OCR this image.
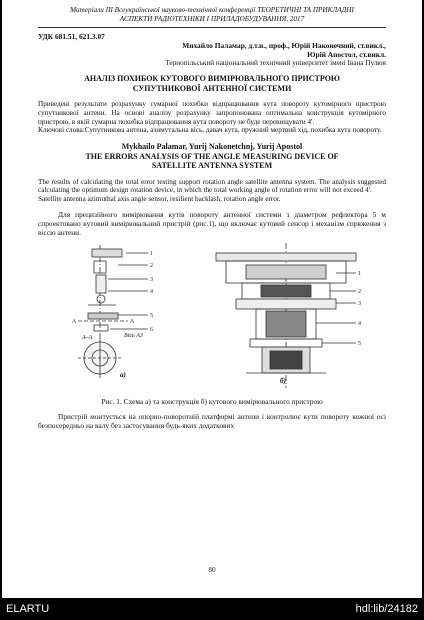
Матеріали ІІІ Всеукраїнської науково-технічної конференції ТЕОРЕТИЧНІ ТА ПРИКЛАДНІ
АСПЕКТИ РАДІОТЕХНІКИ І ПРИЛАДОБУДУВАННЯ, 2017
УДК 681.51, 621.3.07
Михайло Паламар, д.т.н., проф., Юрій Наконечний, ст.викл.,
Юрій Апостол, ст.викл.
Тернопільський національний технічний університет імені Івана Пулюя
АНАЛІЗ ПОХИБОК КУТОВОГО ВИМІРЮВАЛЬНОГО ПРИСТРОЮ
СУПУТНИКОВОЇ АНТЕННОЇ СИСТЕМИ
Приведені результати розрахунку сумарної похибки відпрацювання кута повороту кутомірного пристрою супутникової антени. На основі аналізу розрахунку запропонована оптимальна конструкція кутомірного пристрою, в якій сумарна похибка відпрацювання кута повороту не буде перевищувати 4'.
Ключові слова:Супутникова антена, азимутальна вісь, давач кута, пружний мертвий хід, похибка кута повороту.
Mykhailo Palamar, Yurij Nakonetchnj, Yurij Apostol
THE ERRORS ANALYSIS OF THE ANGLE MEASURING DEVICE OF
SATELLITE ANTENNA SYSTEM
The results of calculating the total error testing support rotation angle satellite antenna system. The analysis suggested calculating the optimum design rotation device, in which the total working angle of rotation error will not exceed 4'.
Satellite antenna azimuthal axis angle sensor, resilient backlash, rotation angle error.
Для прецизійного вимірювання кутів повороту антенної системи з діаметром рефлектора 5 м спроектовано кутовий вимірювальний пристрій (рис.1), що включає кутовий сенсор і механізм спряження з віссю антени.
А	А
1
2
3
4
5
6
А–А	Вісь А3
а)
1
2
3
4
5
б)
Рис. 1. Схема а) та конструкція б) кутового вимірювального пристрою
Пристрій монтується на опорно-поворотній платформі антени і контролює кути повороту кожної осі безпосередньо на валу без застосування будь-яких додаткових
80
ELARTU	hdl:lib/24182
